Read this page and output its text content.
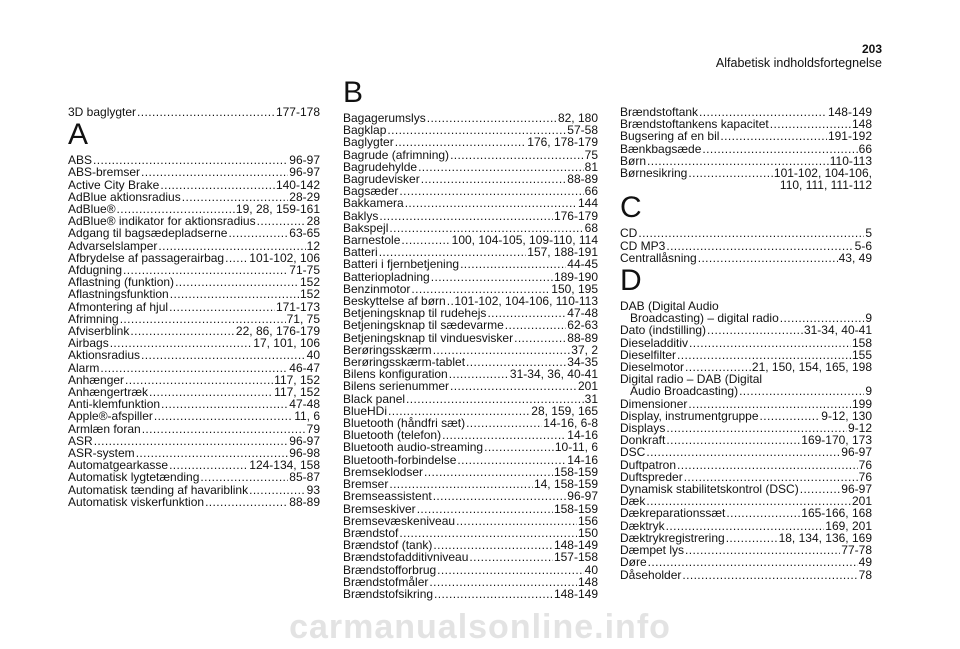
203
Alfabetisk indholdsfortegnelse
3D baglygter .....	177-178
A
ABS .....	96-97
ABS-bremser .....	96-97
Active City Brake .....	140-142
AdBlue aktionsradius .....	28-29
AdBlue® .....	19, 28, 159-161
AdBlue® indikator for aktionsradius .....	28
Adgang til bagsædepladserne .....	63-65
Advarselslamper .....	12
Afbrydelse af passagerairbag ..... 101-102, 106
Afdugning .....	71-75
Aflastning (funktion) .....	152
Aflastningsfunktion .....	152
Afmontering af hjul .....	171-173
Afrimning .....	71, 75
Afviserblink .....	22, 86, 176-179
Airbags .....	17, 101, 106
Aktionsradius .....	40
Alarm .....	46-47
Anhænger .....	117, 152
Anhængertræk .....	117, 152
Anti-klemfunktion .....	47-48
Apple®-afspiller .....	11, 6
Armlæn foran .....	79
ASR .....	96-97
ASR-system .....	96-98
Automatgearkasse .....	124-134, 158
Automatisk lygtetænding .....	85-87
Automatisk tænding af havariblink .....	93
Automatisk viskerfunktion .....	88-89
B
Bagagerumslys .....	82, 180
Bagklap .....	57-58
Baglygter .....	176, 178-179
Bagrude (afrimning) .....	75
Bagrudehylde .....	81
Bagrudevisker .....	88-89
Bagsæder .....	66
Bakkamera .....	144
Baklys .....	176-179
Bakspejl .....	68
Barnestole .....	100, 104-105, 109-110, 114
Batteri .....	157, 188-191
Batteri i fjernbetjening .....	44-45
Batteriopladning .....	189-190
Benzinmotor .....	150, 195
Beskyttelse af børn ..... 101-102, 104-106, 110-113
Betjeningsknap til rudehejs .....	47-48
Betjeningsknap til sædevarme .....	62-63
Betjeningsknap til vinduesvisker .....	88-89
Berøringsskærm .....	37, 2
Berøringsskærm-tablet .....	34-35
Bilens konfiguration .....	31-34, 36, 40-41
Bilens serienummer .....	201
Black panel .....	31
BlueHDi .....	28, 159, 165
Bluetooth (håndfri sæt) .....	14-16, 6-8
Bluetooth (telefon) .....	14-16
Bluetooth audio-streaming .....	10-11, 6
Bluetooth-forbindelse .....	14-16
Bremseklodser .....	158-159
Bremser .....	14, 158-159
Bremseassistent .....	96-97
Bremseskiver .....	158-159
Bremsevæskeniveau .....	156
Brændstof .....	150
Brændstof (tank) .....	148-149
Brændstofadditivniveau .....	157-158
Brændstofforbrug .....	40
Brændstofmåler .....	148
Brændstofsikring .....	148-149
Brændstoftank .....	148-149
Brændstoftankens kapacitet .....	148
Bugsering af en bil .....	191-192
Bænkbagsæde .....	66
Børn .....	110-113
Børnesikring .....	101-102, 104-106,
110, 111, 111-112
C
CD .....	5
CD MP3 .....	5-6
Centrallåsning .....	43, 49
D
DAB (Digital Audio
Broadcasting) – digital radio .....	9
Dato (indstilling) .....	31-34, 40-41
Dieseladditiv .....	158
Dieselfilter .....	155
Dieselmotor .....	21, 150, 154, 165, 198
Digital radio – DAB (Digital
Audio Broadcasting) .....	9
Dimensioner .....	199
Display, instrumentgruppe .....	9-12, 130
Displays .....	9-12
Donkraft .....	169-170, 173
DSC .....	96-97
Duftpatron .....	76
Duftspreder .....	76
Dynamisk stabilitetskontrol (DSC) .....	96-97
Dæk .....	201
Dækreparationssæt .....	165-166, 168
Dæktryk .....	169, 201
Dæktrykregistrering .....	18, 134, 136, 169
Dæmpet lys .....	77-78
Døre .....	49
Dåseholder .....	78
carmanualsonline.info
